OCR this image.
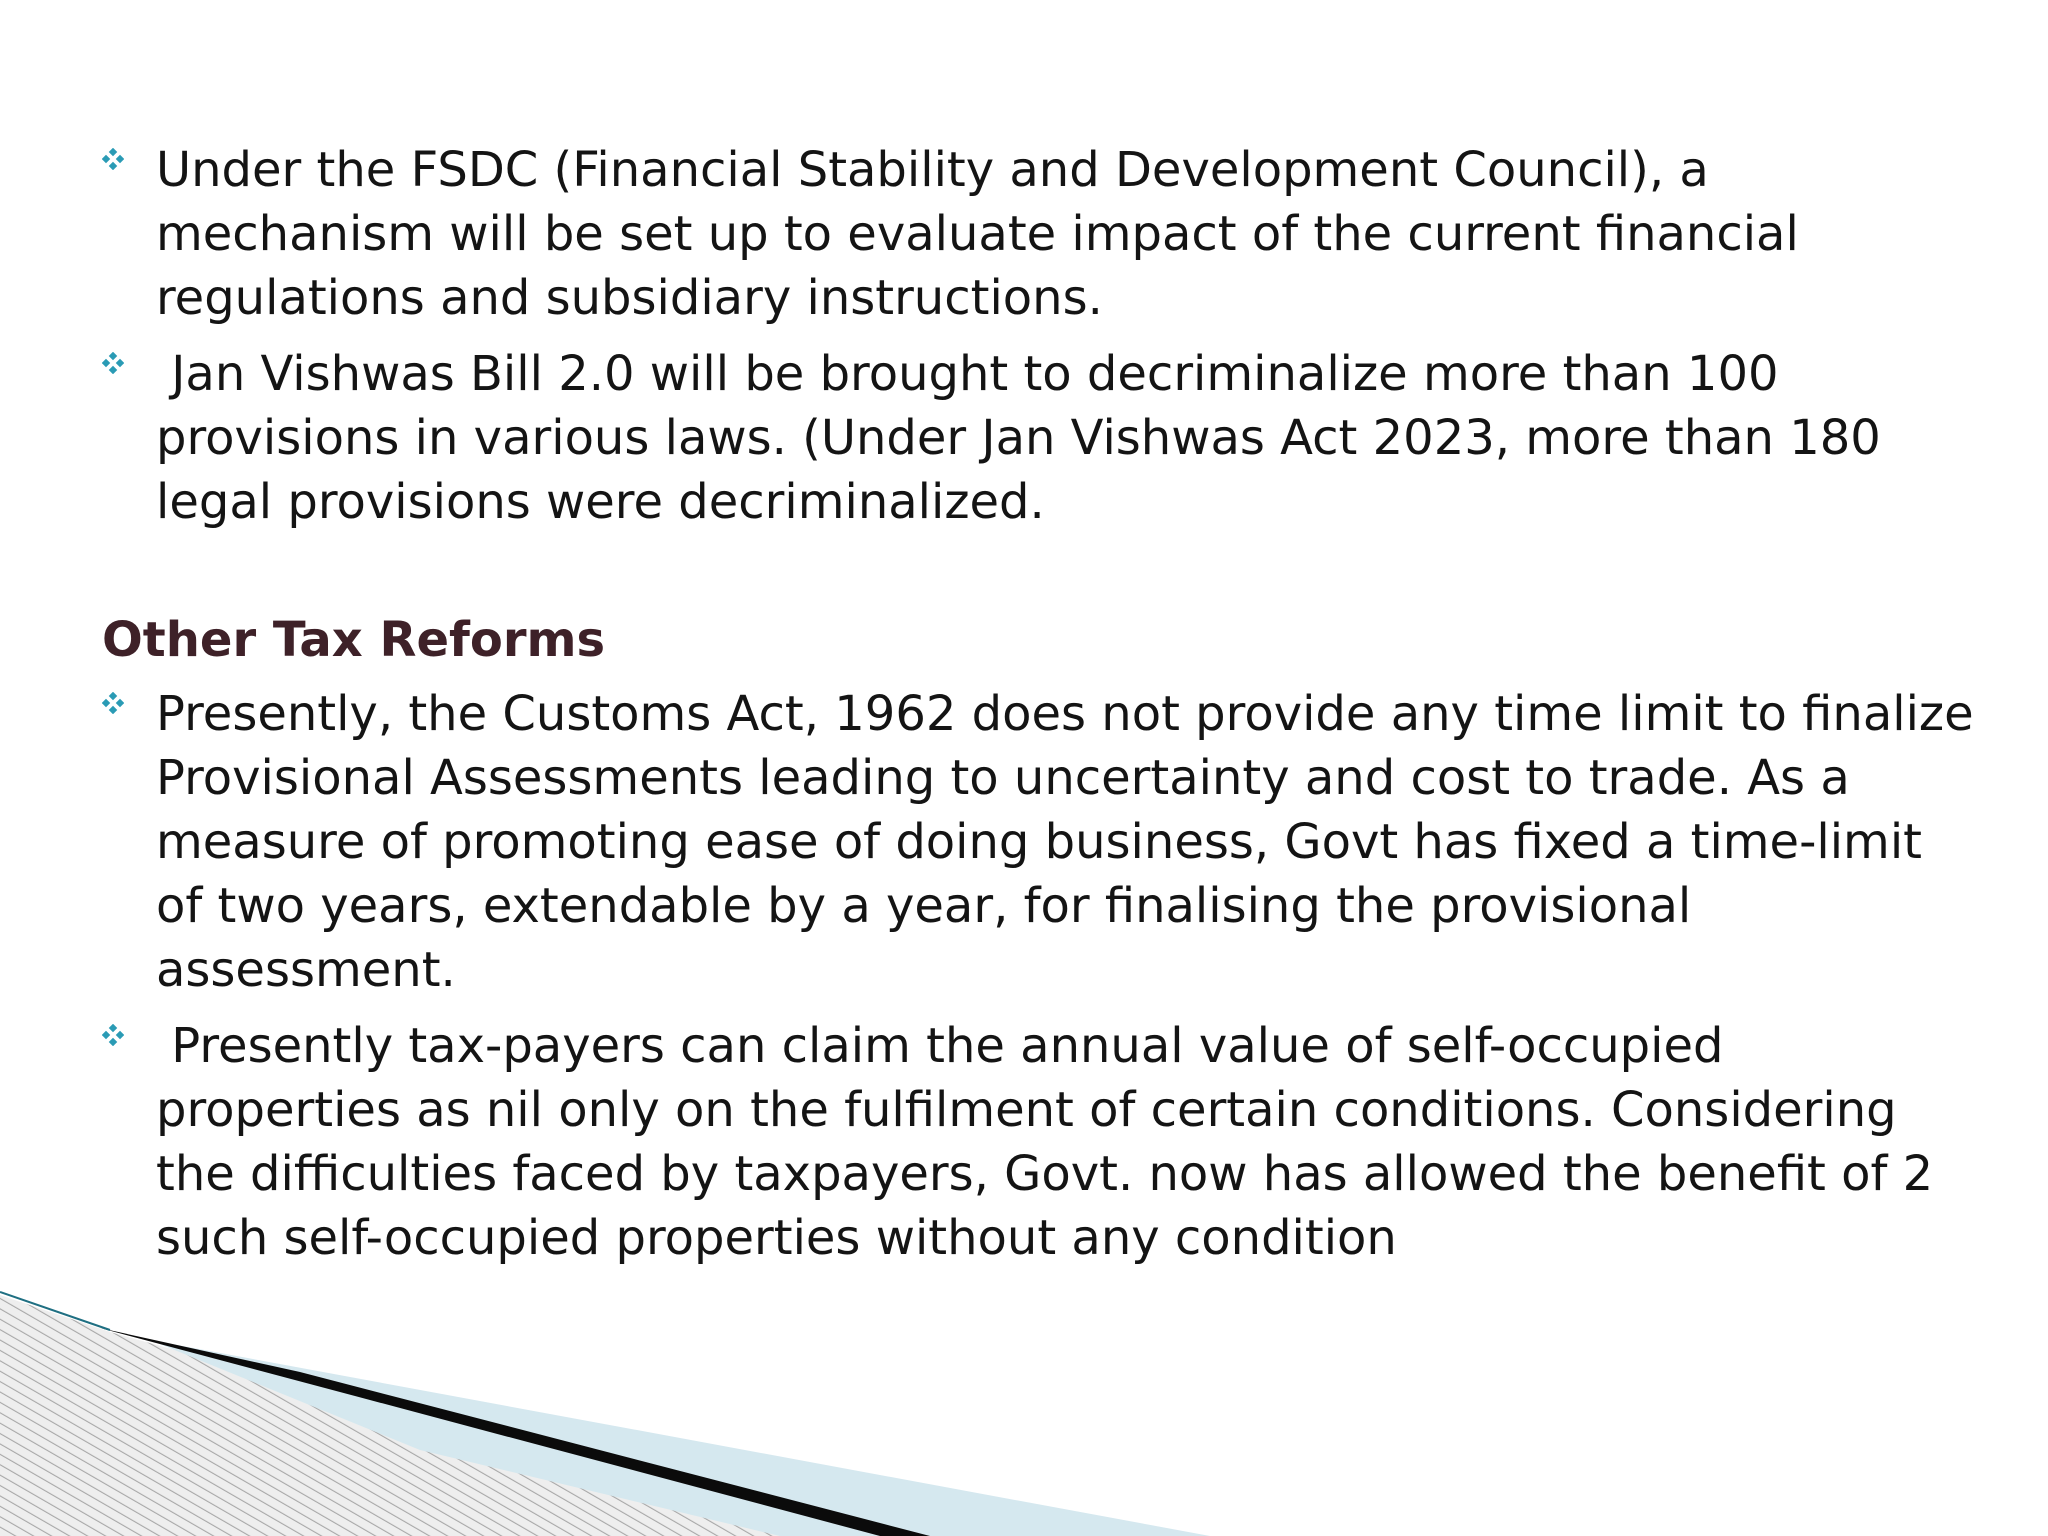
Under the FSDC (Financial Stability and Development Council), a mechanism will be set up to evaluate impact of the current financial regulations and subsidiary instructions.
Jan Vishwas Bill 2.0 will be brought to decriminalize more than 100 provisions in various laws. (Under Jan Vishwas Act 2023, more than 180 legal provisions were decriminalized.
Other Tax Reforms
Presently, the Customs Act, 1962 does not provide any time limit to finalize Provisional Assessments leading to uncertainty and cost to trade. As a measure of promoting ease of doing business, Govt has fixed a time-limit of two years, extendable by a year, for finalising the provisional assessment.
Presently tax-payers can claim the annual value of self-occupied properties as nil only on the fulfilment of certain conditions. Considering the difficulties faced by taxpayers, Govt. now has allowed the benefit of 2 such self-occupied properties without any condition
